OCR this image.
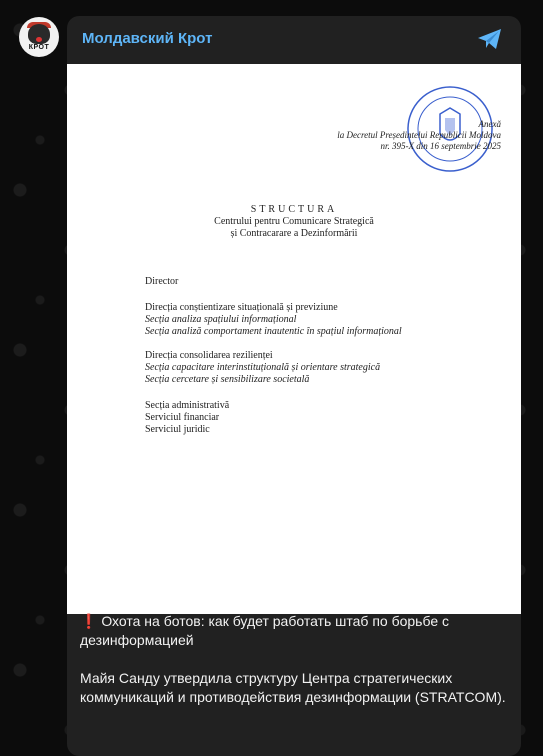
КРОТ
Молдавский Крот
Anexă
la Decretul Președintelui Republicii Moldova
nr. 395-X din 16 septembrie 2025
STRUCTURA
Centrului pentru Comunicare Strategică
și Contracarare a Dezinformării
Director
Direcția conștientizare situațională și previziune
Secția analiza spațiului informațional
Secția analiză comportament inautentic în spațiul informațional
Direcția consolidarea rezilienței
Secția capacitare interinstituțională și orientare strategică
Secția cercetare și sensibilizare societală
Secția administrativă
Serviciul financiar
Serviciul juridic

❗ Охота на ботов: как будет работать штаб по борьбе с дезинформацией

Майя Санду утвердила структуру Центра стратегических коммуникаций и противодействия дезинформации (STRATCOM).
